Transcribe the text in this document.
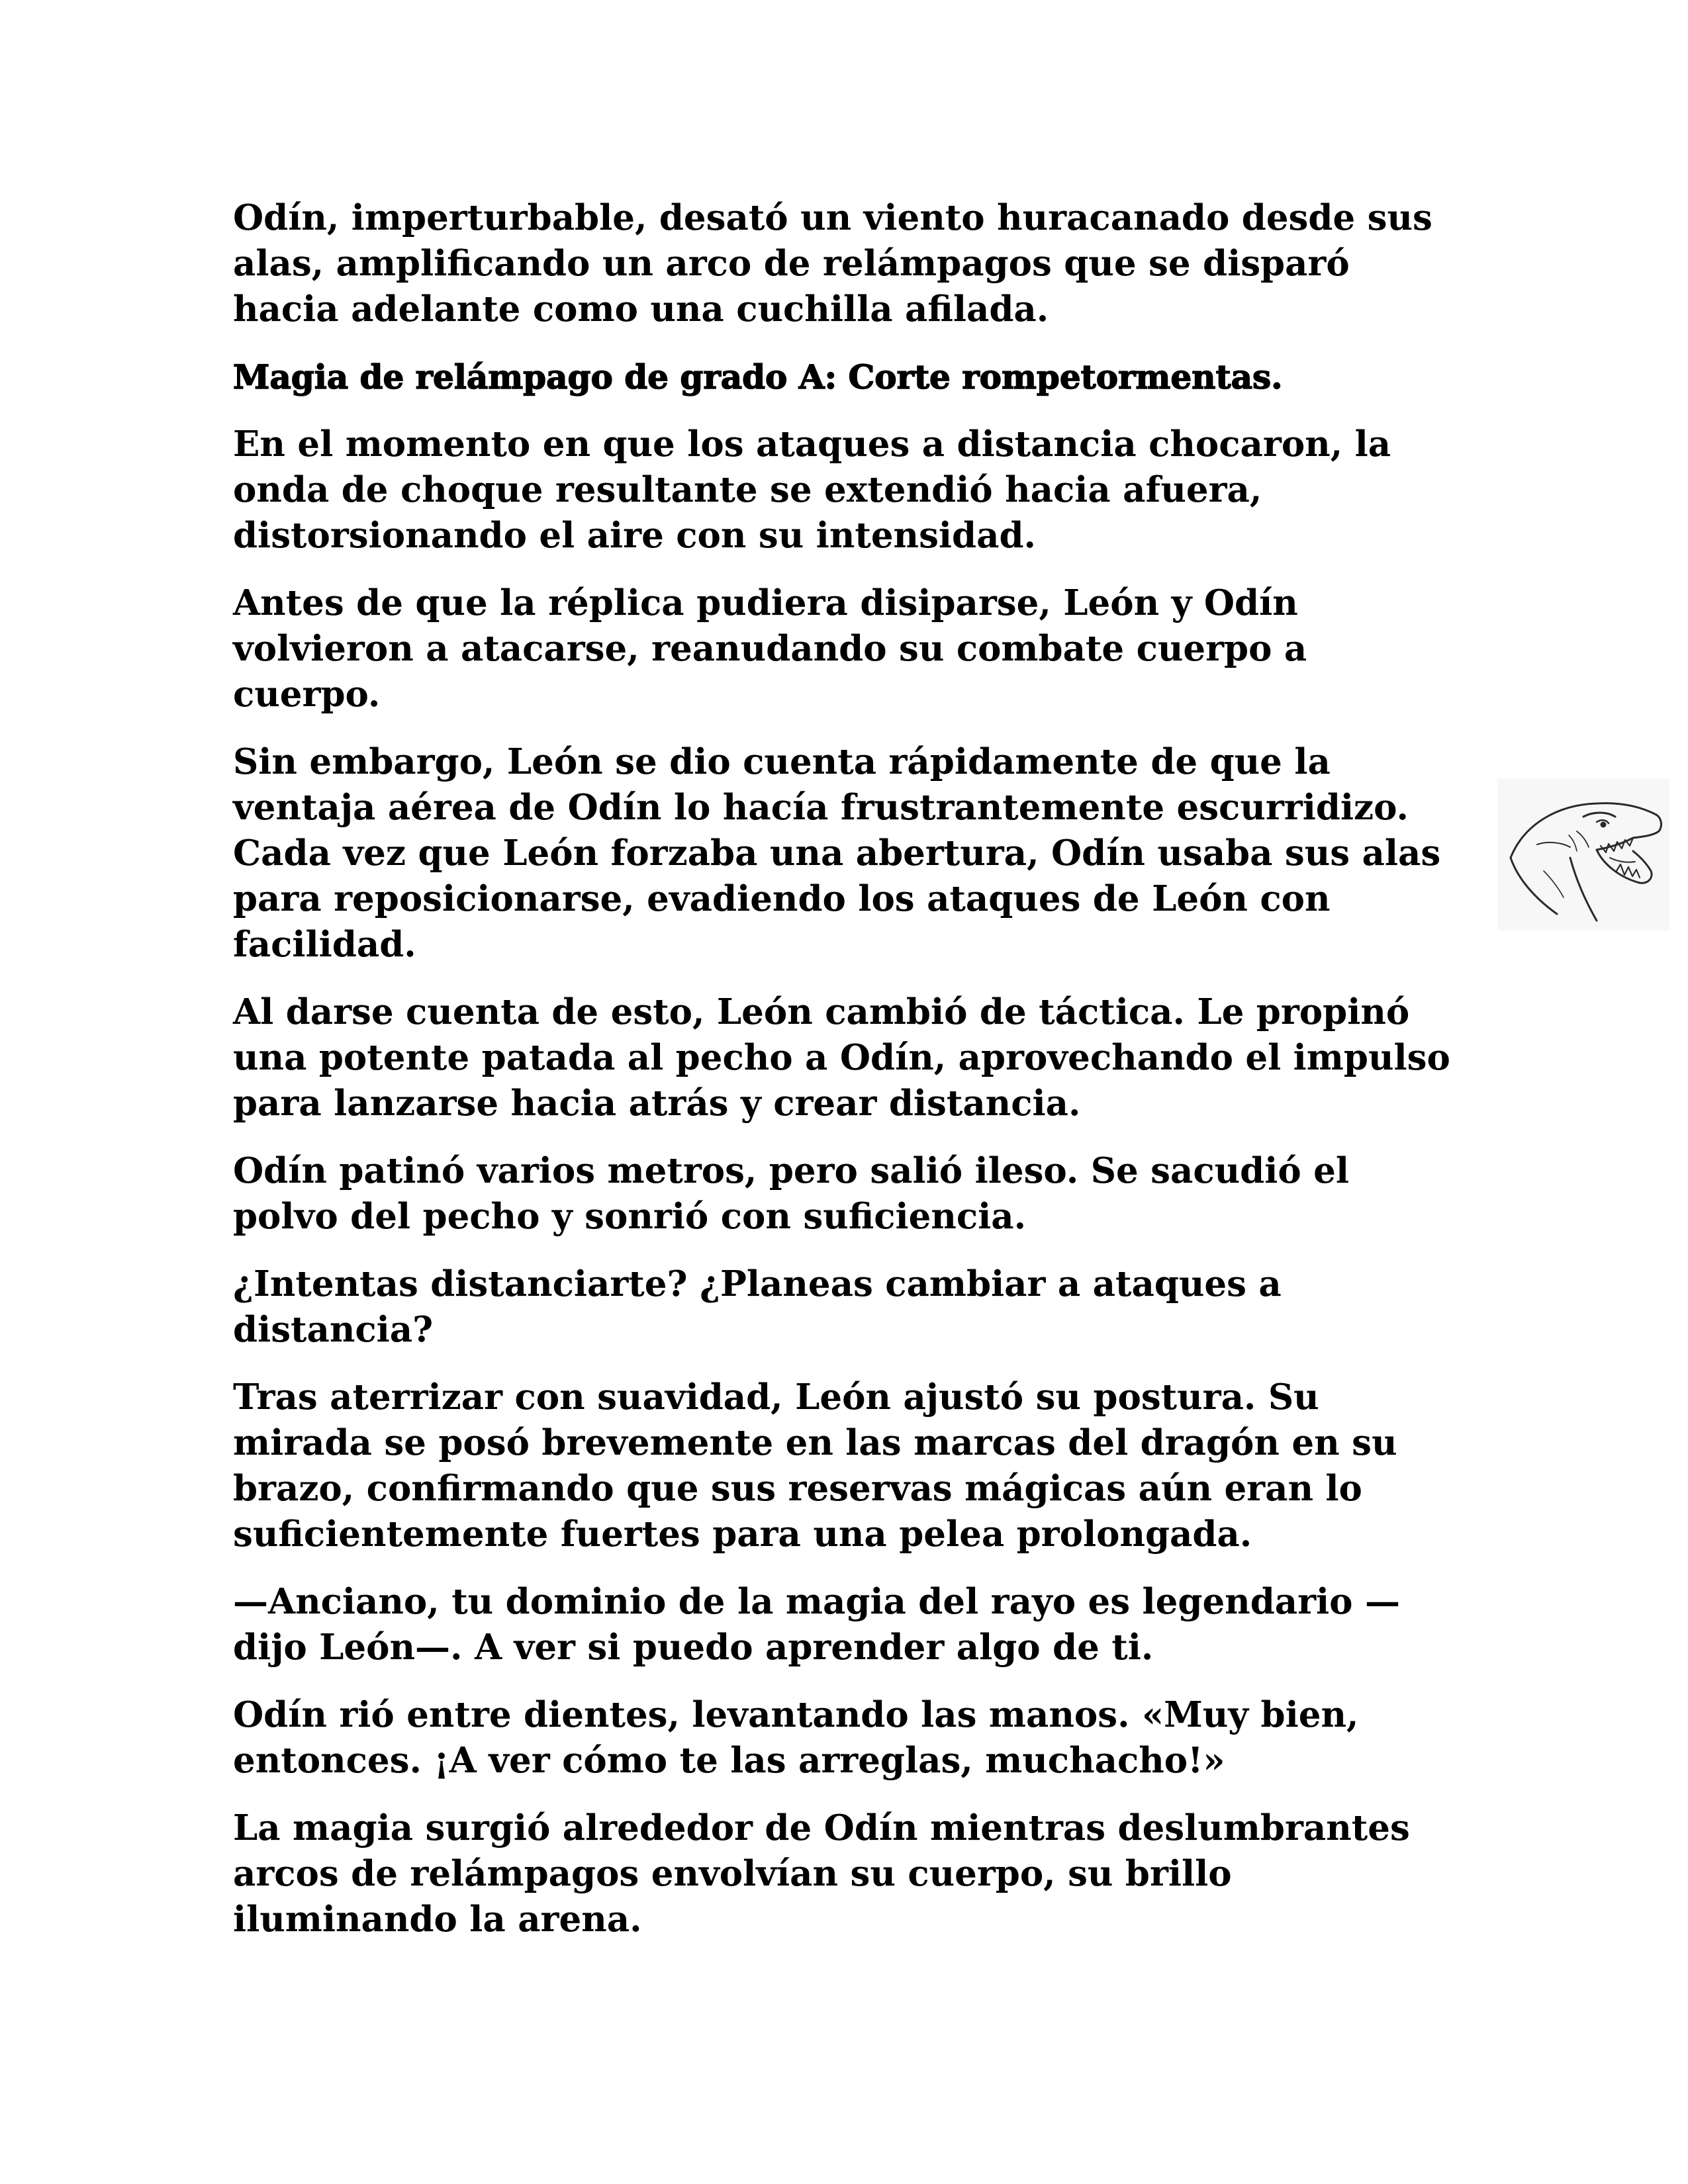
Odín, imperturbable, desató un viento huracanado desde sus alas, amplificando un arco de relámpagos que se disparó hacia adelante como una cuchilla afilada.

Magia de relámpago de grado A: Corte rompetormentas.

En el momento en que los ataques a distancia chocaron, la onda de choque resultante se extendió hacia afuera, distorsionando el aire con su intensidad.

Antes de que la réplica pudiera disiparse, León y Odín volvieron a atacarse, reanudando su combate cuerpo a cuerpo.

Sin embargo, León se dio cuenta rápidamente de que la ventaja aérea de Odín lo hacía frustrantemente escurridizo. Cada vez que León forzaba una abertura, Odín usaba sus alas para reposicionarse, evadiendo los ataques de León con facilidad.

Al darse cuenta de esto, León cambió de táctica. Le propinó una potente patada al pecho a Odín, aprovechando el impulso para lanzarse hacia atrás y crear distancia.

Odín patinó varios metros, pero salió ileso. Se sacudió el polvo del pecho y sonrió con suficiencia.

¿Intentas distanciarte? ¿Planeas cambiar a ataques a distancia?

Tras aterrizar con suavidad, León ajustó su postura. Su mirada se posó brevemente en las marcas del dragón en su brazo, confirmando que sus reservas mágicas aún eran lo suficientemente fuertes para una pelea prolongada.

—Anciano, tu dominio de la magia del rayo es legendario —dijo León—. A ver si puedo aprender algo de ti.

Odín rió entre dientes, levantando las manos. «Muy bien, entonces. ¡A ver cómo te las arreglas, muchacho!»

La magia surgió alrededor de Odín mientras deslumbrantes arcos de relámpagos envolvían su cuerpo, su brillo iluminando la arena.
